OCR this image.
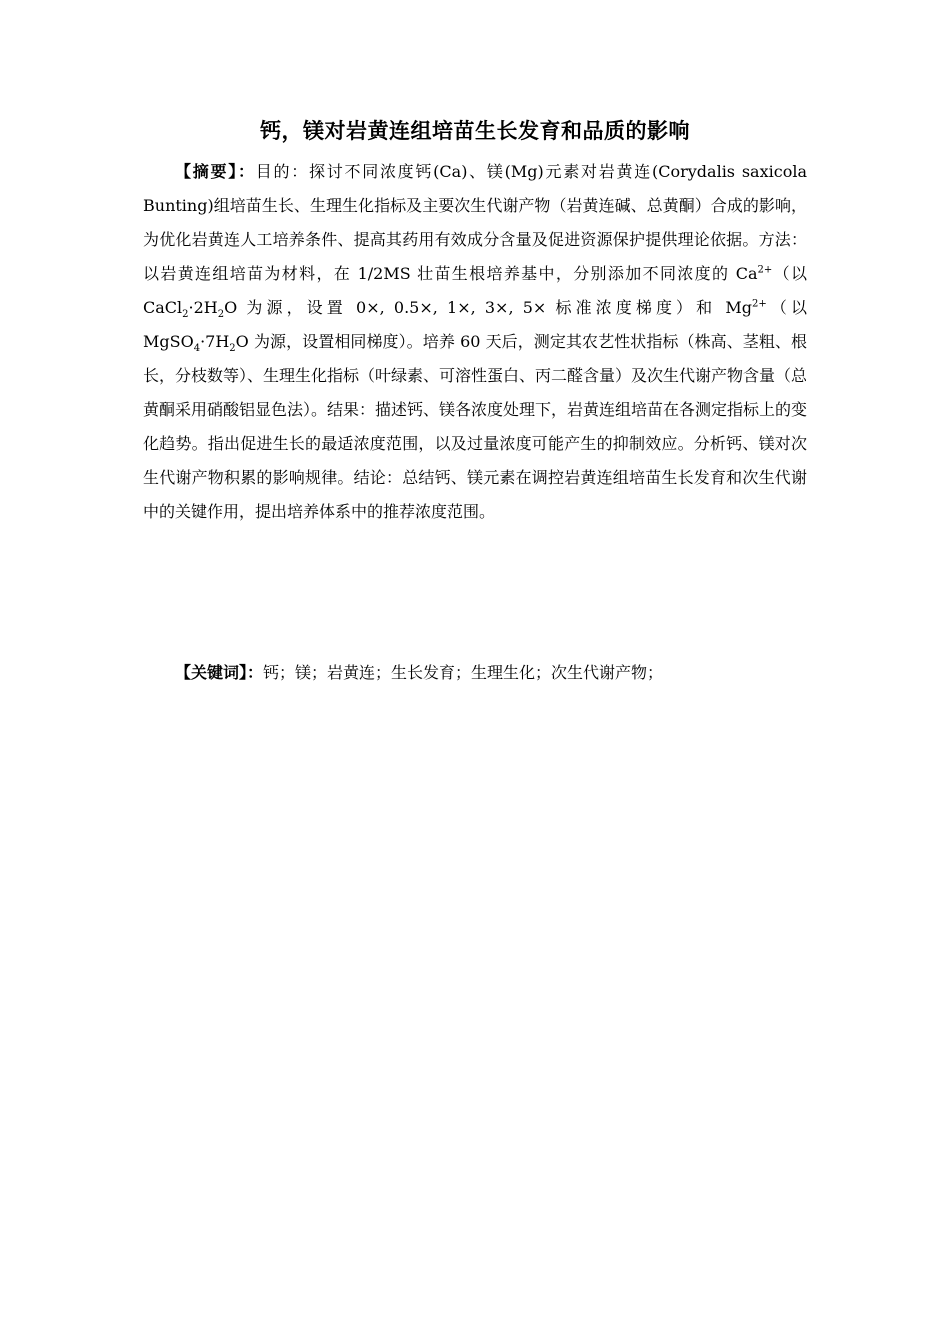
钙，镁对岩黄连组培苗生长发育和品质的影响

【摘要】：目的：探讨不同浓度钙(Ca)、镁(Mg)元素对岩黄连(Corydalis saxicola Bunting)组培苗生长、生理生化指标及主要次生代谢产物（岩黄连碱、总黄酮）合成的影响，为优化岩黄连人工培养条件、提高其药用有效成分含量及促进资源保护提供理论依据。方法：以岩黄连组培苗为材料，在 1/2MS 壮苗生根培养基中，分别添加不同浓度的 $Ca^{2+}$（以 $CaCl_2\cdot 2H_2O$ 为源，设置 0×, 0.5×, 1×, 3×, 5× 标准浓度梯度）和 $Mg^{2+}$（以 $MgSO_4\cdot 7H_2O$ 为源，设置相同梯度）。培养 60 天后，测定其农艺性状指标（株高、茎粗、根长，分枝数等）、生理生化指标（叶绿素、可溶性蛋白、丙二醛含量）及次生代谢产物含量（总黄酮采用硝酸铝显色法）。结果：描述钙、镁各浓度处理下，岩黄连组培苗在各测定指标上的变化趋势。指出促进生长的最适浓度范围，以及过量浓度可能产生的抑制效应。分析钙、镁对次生代谢产物积累的影响规律。结论：总结钙、镁元素在调控岩黄连组培苗生长发育和次生代谢中的关键作用，提出培养体系中的推荐浓度范围。

【关键词】：钙；镁；岩黄连；生长发育；生理生化；次生代谢产物；
